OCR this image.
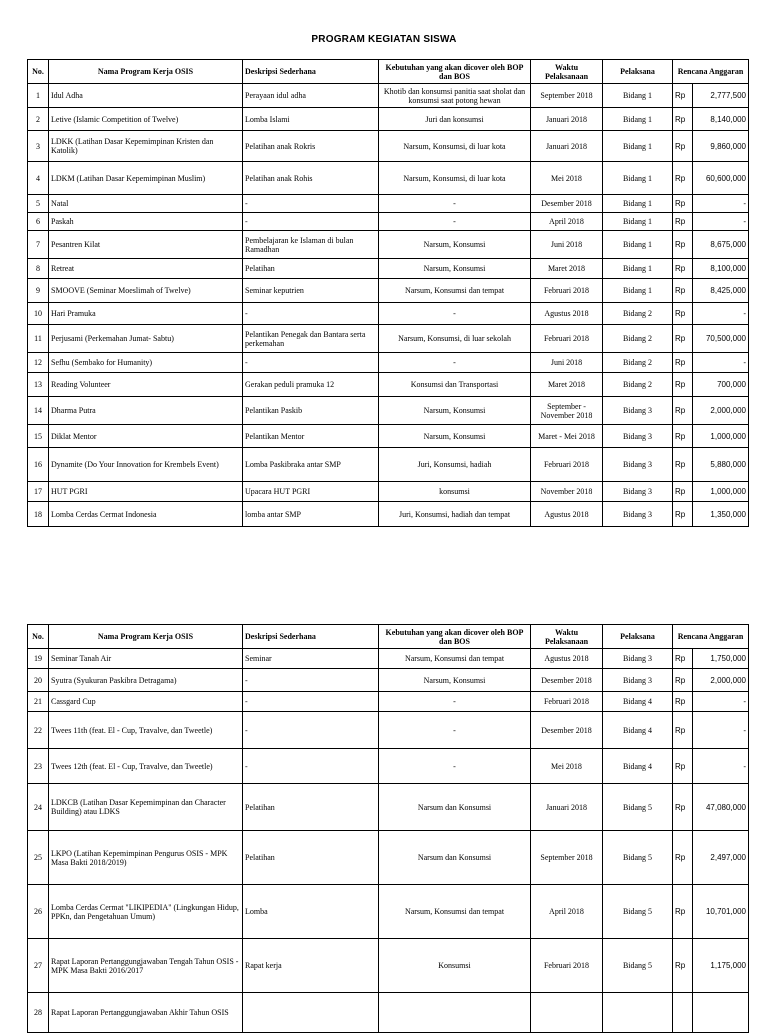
PROGRAM KEGIATAN SISWA
No.	Nama Program Kerja OSIS	Deskripsi Sederhana	Kebutuhan yang akan dicover oleh BOP dan BOS	Waktu Pelaksanaan	Pelaksana	Rencana Anggaran	
1	Idul Adha	Perayaan idul adha	Khotib dan konsumsi panitia saat sholat dan konsumsi saat potong hewan	September 2018	Bidang 1	Rp	2,777,500
2	Letive (Islamic Competition of Twelve)	Lomba Islami	Juri dan konsumsi	Januari 2018	Bidang 1	Rp	8,140,000
3	LDKK (Latihan Dasar Kepemimpinan Kristen dan Katolik)	Pelatihan anak Rokris	Narsum, Konsumsi, di luar kota	Januari 2018	Bidang 1	Rp	9,860,000
4	LDKM (Latihan Dasar Kepemimpinan Muslim)	Pelatihan anak Rohis	Narsum, Konsumsi, di luar kota	Mei 2018	Bidang 1	Rp	60,600,000
5	Natal	-	-	Desember 2018	Bidang 1	Rp	-
6	Paskah	-	-	April 2018	Bidang 1	Rp	-
7	Pesantren Kilat	Pembelajaran ke Islaman di bulan Ramadhan	Narsum, Konsumsi	Juni 2018	Bidang 1	Rp	8,675,000
8	Retreat	Pelatihan	Narsum, Konsumsi	Maret 2018	Bidang 1	Rp	8,100,000
9	SMOOVE (Seminar Moeslimah of Twelve)	Seminar keputrien	Narsum, Konsumsi dan tempat	Februari 2018	Bidang 1	Rp	8,425,000
10	Hari Pramuka	-	-	Agustus 2018	Bidang 2	Rp	-
11	Perjusami (Perkemahan Jumat- Sabtu)	Pelantikan Penegak dan Bantara serta perkemahan	Narsum, Konsumsi, di luar sekolah	Februari 2018	Bidang 2	Rp	70,500,000
12	Sefhu (Sembako for Humanity)	-	-	Juni 2018	Bidang 2	Rp	-
13	Reading Volunteer	Gerakan peduli pramuka 12	Konsumsi dan Transportasi	Maret 2018	Bidang 2	Rp	700,000
14	Dharma Putra	Pelantikan Paskib	Narsum, Konsumsi	September - November 2018	Bidang 3	Rp	2,000,000
15	Diklat Mentor	Pelantikan Mentor	Narsum, Konsumsi	Maret - Mei 2018	Bidang 3	Rp	1,000,000
16	Dynamite (Do Your Innovation for Krembels Event)	Lomba Paskibraka antar SMP	Juri, Konsumsi, hadiah	Februari 2018	Bidang 3	Rp	5,880,000
17	HUT PGRI	Upacara HUT PGRI	konsumsi	November 2018	Bidang 3	Rp	1,000,000
18	Lomba Cerdas Cermat Indonesia	lomba antar SMP	Juri, Konsumsi, hadiah dan tempat	Agustus 2018	Bidang 3	Rp	1,350,000
No.	Nama Program Kerja OSIS	Deskripsi Sederhana	Kebutuhan yang akan dicover oleh BOP dan BOS	Waktu Pelaksanaan	Pelaksana	Rencana Anggaran	
19	Seminar Tanah Air	Seminar	Narsum, Konsumsi dan tempat	Agustus 2018	Bidang 3	Rp	1,750,000
20	Syutra (Syukuran Paskibra Detragama)	-	Narsum, Konsumsi	Desember 2018	Bidang 3	Rp	2,000,000
21	Cassgard Cup	-	-	Februari 2018	Bidang 4	Rp	-
22	Twees 11th (feat. El - Cup, Travalve, dan Tweetle)	-	-	Desember 2018	Bidang 4	Rp	-
23	Twees 12th (feat. El - Cup, Travalve, dan Tweetle)	-	-	Mei 2018	Bidang 4	Rp	-
24	LDKCB (Latihan Dasar Kepemimpinan dan Character Building) atau LDKS	Pelatihan	Narsum dan Konsumsi	Januari 2018	Bidang 5	Rp	47,080,000
25	LKPO (Latihan Kepemimpinan Pengurus OSIS - MPK Masa Bakti 2018/2019)	Pelatihan	Narsum dan Konsumsi	September 2018	Bidang 5	Rp	2,497,000
26	Lomba Cerdas Cermat "LIKIPEDIA" (Lingkungan Hidup, PPKn, dan Pengetahuan Umum)	Lomba	Narsum, Konsumsi dan tempat	April 2018	Bidang 5	Rp	10,701,000
27	Rapat Laporan Pertanggungjawaban Tengah Tahun OSIS - MPK Masa Bakti 2016/2017	Rapat kerja	Konsumsi	Februari 2018	Bidang 5	Rp	1,175,000
28	Rapat Laporan Pertanggungjawaban Akhir Tahun OSIS						
